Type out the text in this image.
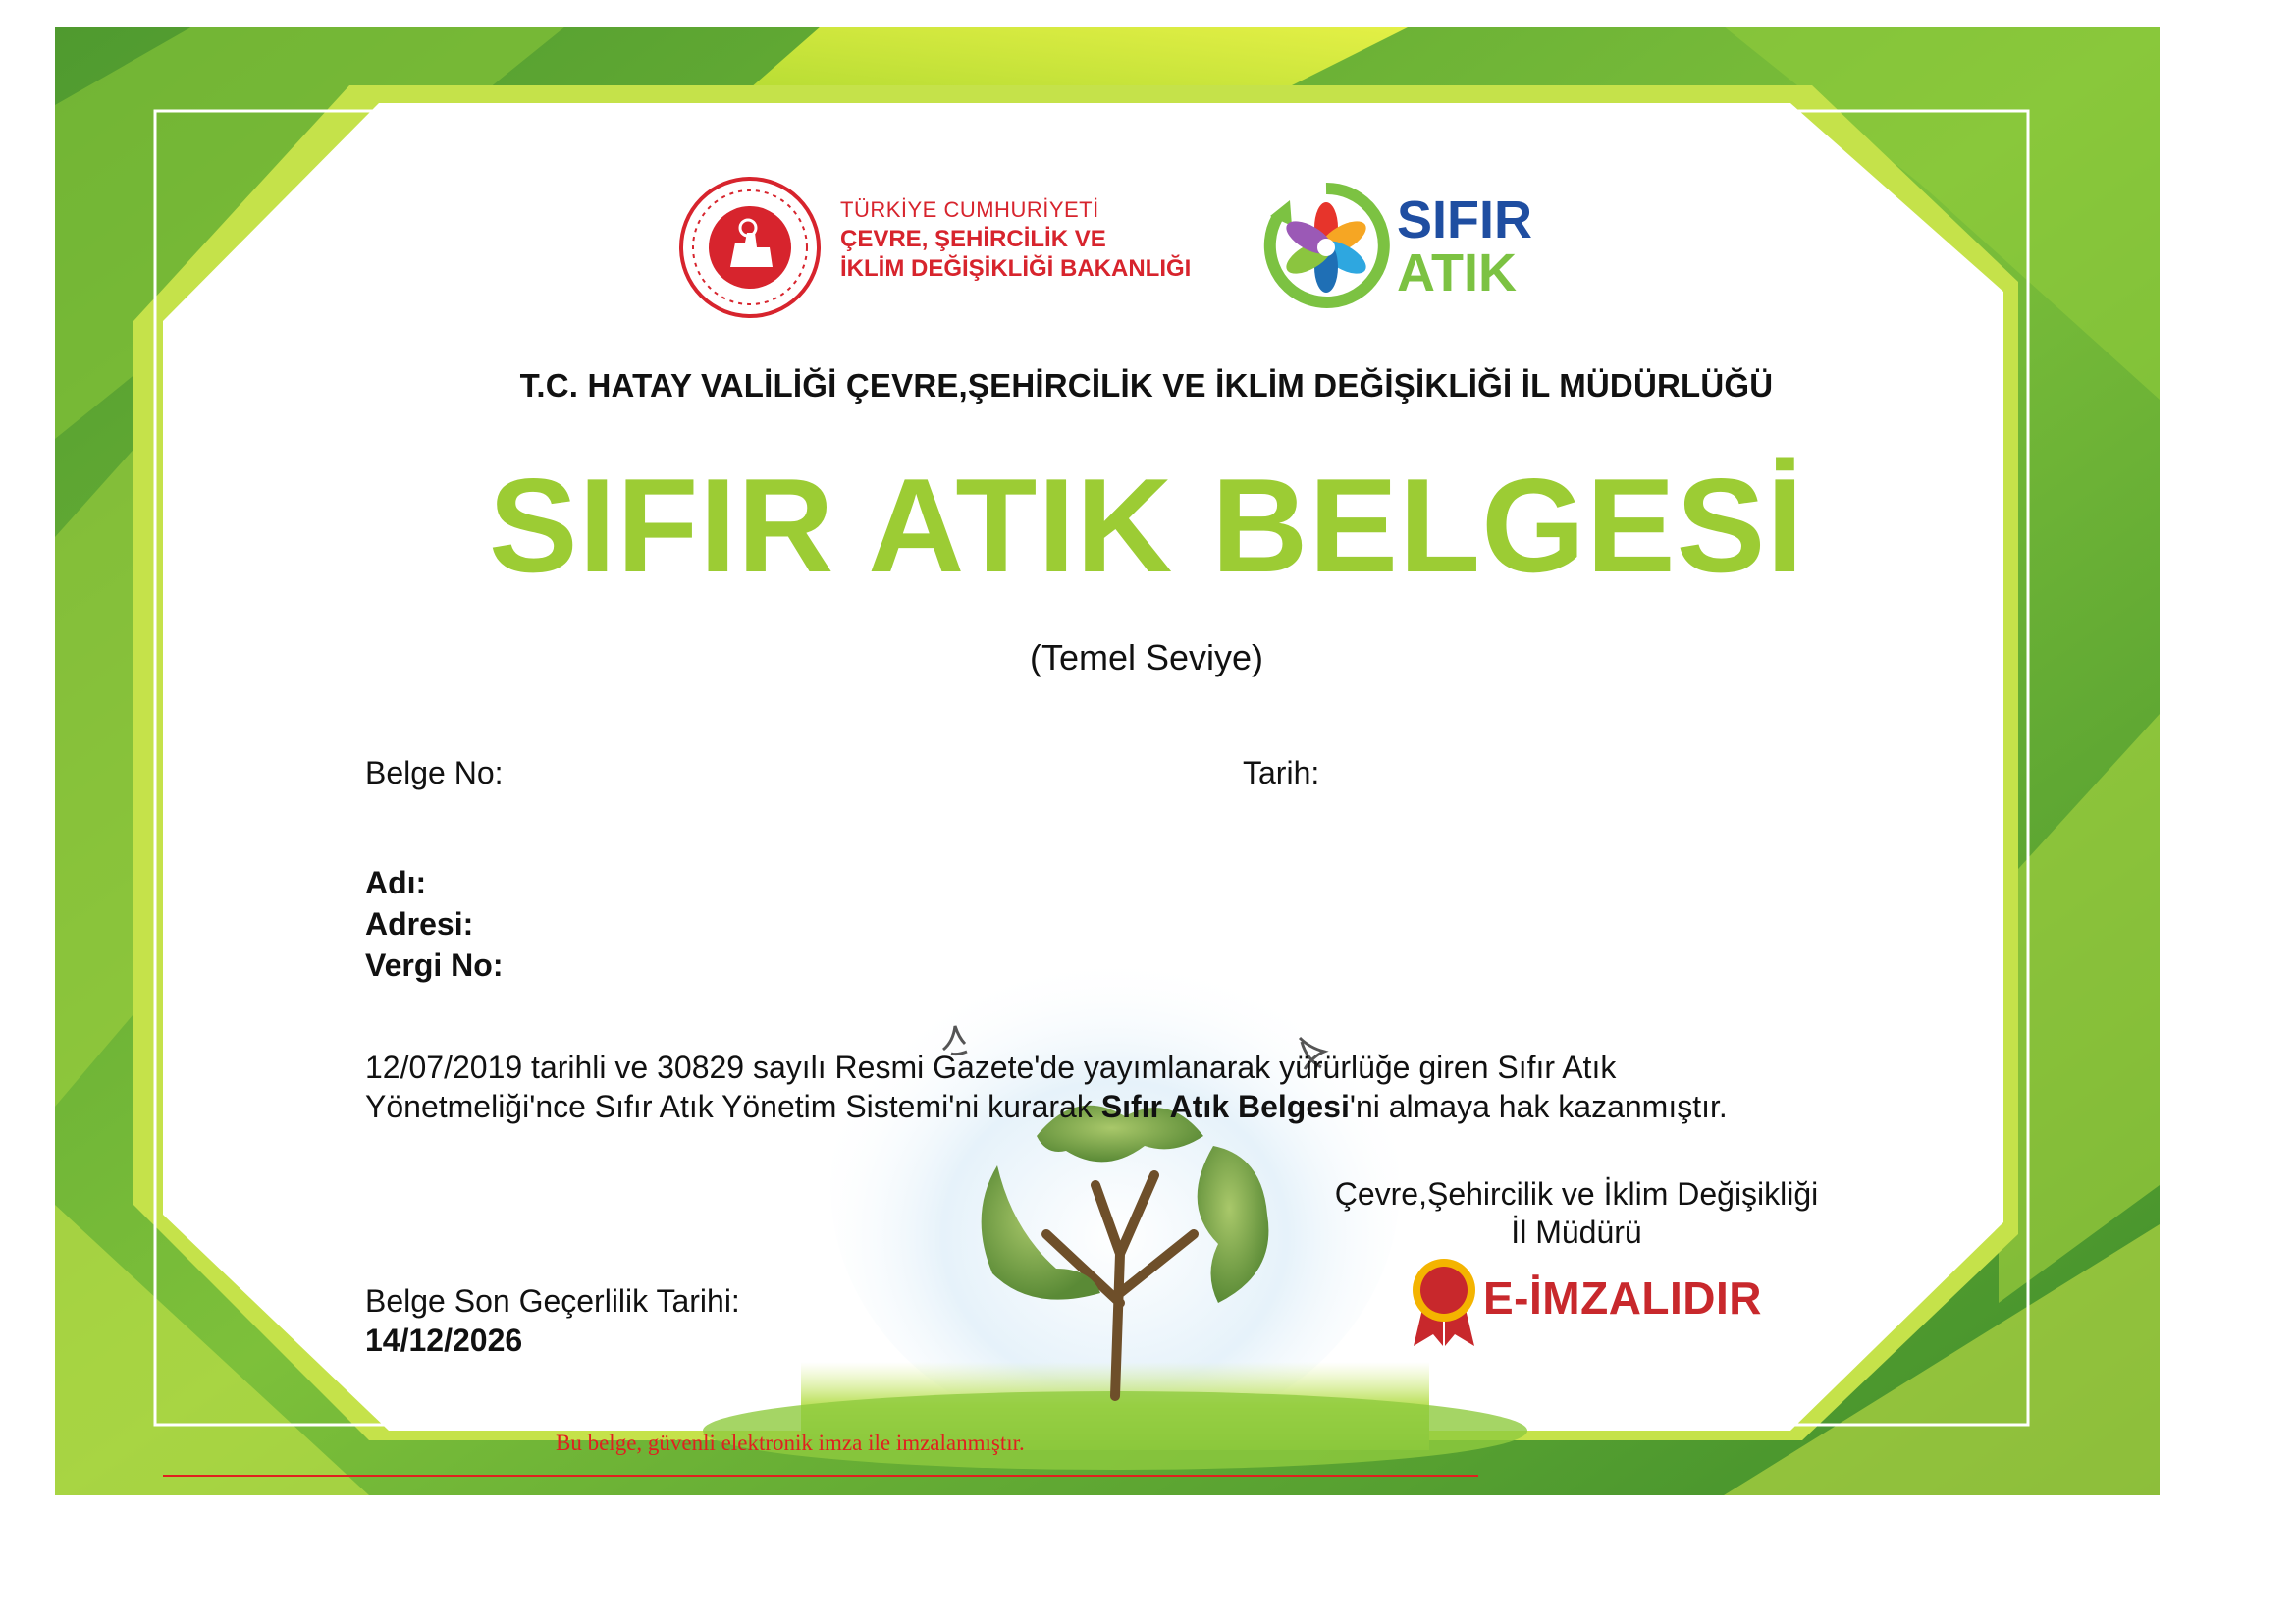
TÜRKİYE CUMHURİYETİ
ÇEVRE, ŞEHİRCİLİK VE
İKLİM DEĞİŞİKLİĞİ BAKANLIĞI
SIFIR
ATIK
T.C. HATAY VALİLİĞİ ÇEVRE,ŞEHİRCİLİK VE İKLİM DEĞİŞİKLİĞİ İL MÜDÜRLÜĞÜ
SIFIR ATIK BELGESİ
(Temel Seviye)
Belge No:	Tarih:
Adı:
Adresi:
Vergi No:
12/07/2019 tarihli ve 30829 sayılı Resmi Gazete'de yayımlanarak yürürlüğe giren Sıfır Atık
Yönetmeliği'nce Sıfır Atık Yönetim Sistemi'ni kurarak Sıfır Atık Belgesi'ni almaya hak kazanmıştır.
Çevre,Şehircilik ve İklim Değişikliği
İl Müdürü
E-İMZALIDIR
Belge Son Geçerlilik Tarihi:
14/12/2026
Bu belge, güvenli elektronik imza ile imzalanmıştır.
